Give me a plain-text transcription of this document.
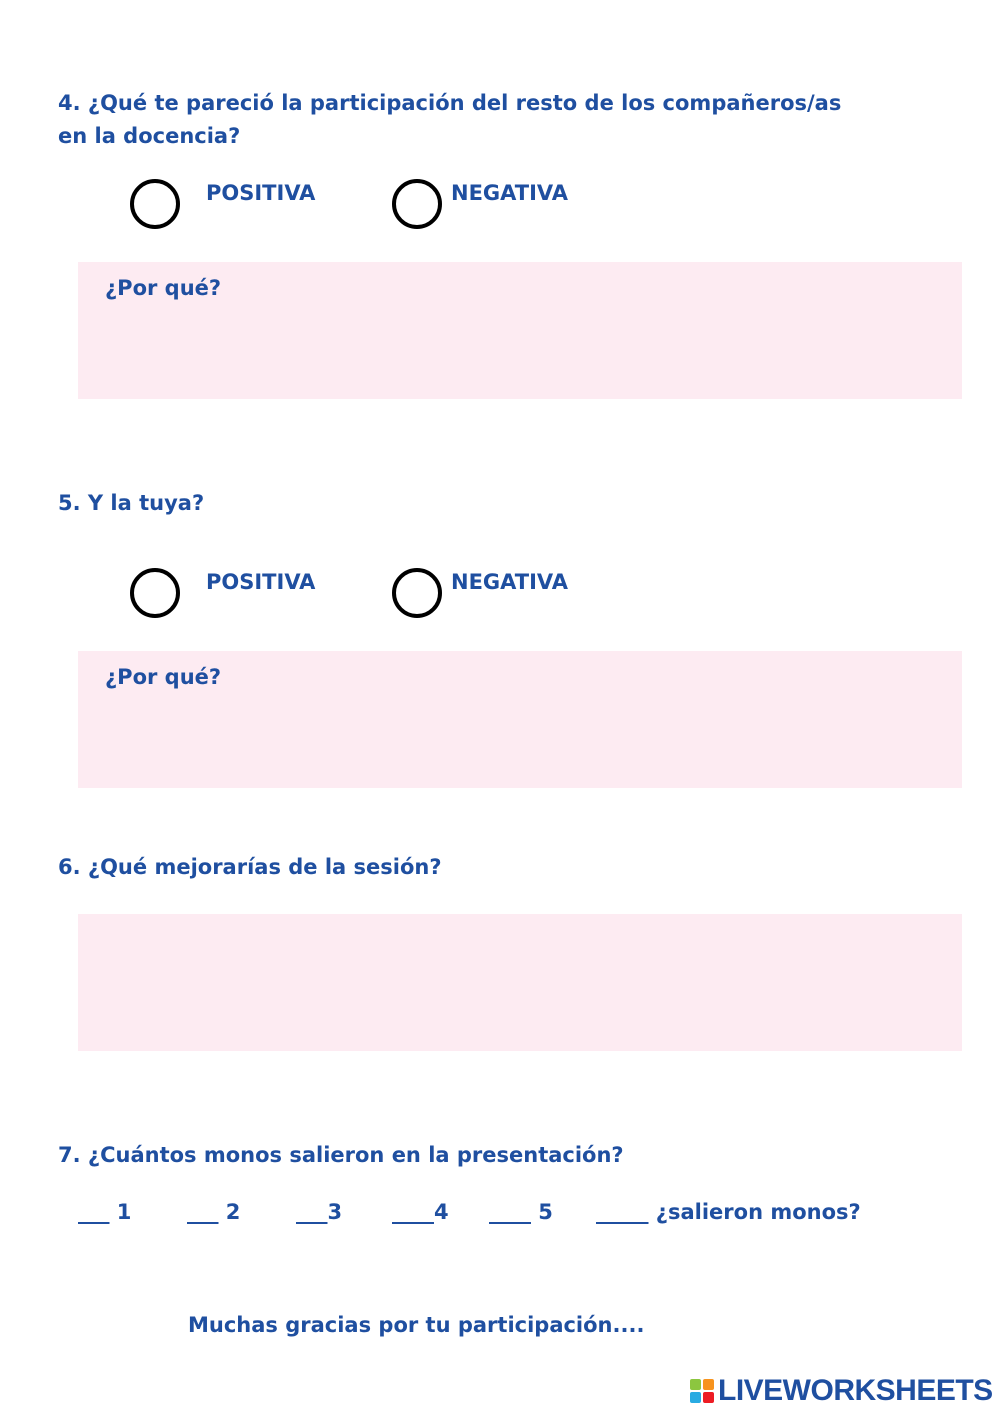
4. ¿Qué te pareció la participación del resto de los compañeros/as

en la docencia?

POSITIVA	NEGATIVA
¿Por qué?

5. Y la tuya?

POSITIVA	NEGATIVA
¿Por qué?

6. ¿Qué mejorarías de la sesión?

7. ¿Cuántos monos salieron en la presentación?

___ 1	___ 2	___3 ____4 ____ 5 _____ ¿salieron monos?
Muchas gracias por tu participación....
LIVEWORKSHEETS
